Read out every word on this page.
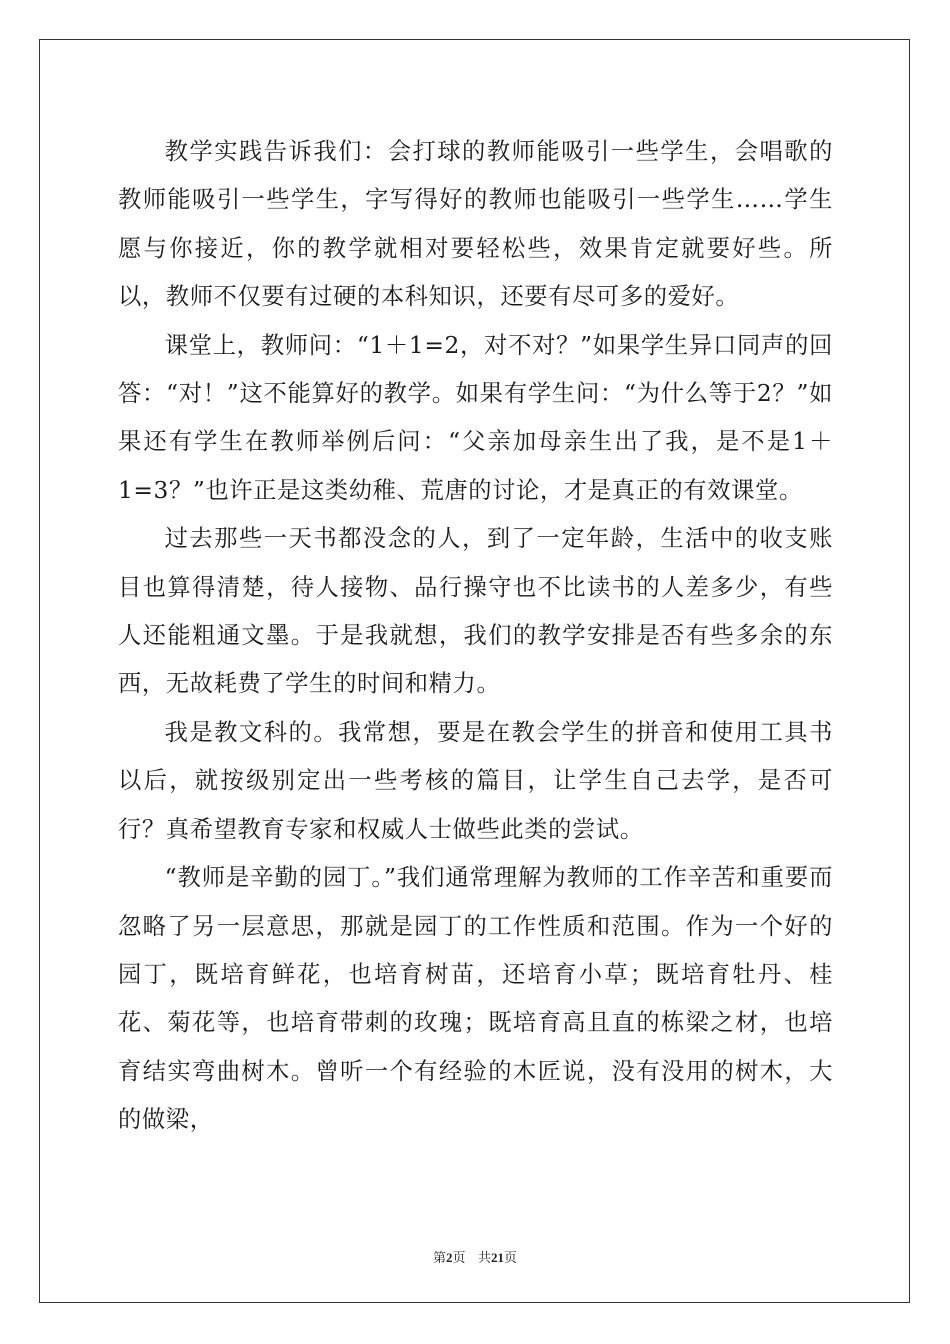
教学实践告诉我们：会打球的教师能吸引一些学生，会唱歌的教师能吸引一些学生，字写得好的教师也能吸引一些学生……学生愿与你接近，你的教学就相对要轻松些，效果肯定就要好些。所以，教师不仅要有过硬的本科知识，还要有尽可多的爱好。

课堂上，教师问：“1＋1=2，对不对？”如果学生异口同声的回答：“对！”这不能算好的教学。如果有学生问：“为什么等于2？”如果还有学生在教师举例后问：“父亲加母亲生出了我，是不是1＋1=3？”也许正是这类幼稚、荒唐的讨论，才是真正的有效课堂。

过去那些一天书都没念的人，到了一定年龄，生活中的收支账目也算得清楚，待人接物、品行操守也不比读书的人差多少，有些人还能粗通文墨。于是我就想，我们的教学安排是否有些多余的东西，无故耗费了学生的时间和精力。

我是教文科的。我常想，要是在教会学生的拼音和使用工具书以后，就按级别定出一些考核的篇目，让学生自己去学，是否可行？真希望教育专家和权威人士做些此类的尝试。

“教师是辛勤的园丁。”我们通常理解为教师的工作辛苦和重要而忽略了另一层意思，那就是园丁的工作性质和范围。作为一个好的园丁，既培育鲜花，也培育树苗，还培育小草；既培育牡丹、桂花、菊花等，也培育带刺的玫瑰；既培育高且直的栋梁之材，也培育结实弯曲树木。曾听一个有经验的木匠说，没有没用的树木，大的做梁，

第2页 共21页
